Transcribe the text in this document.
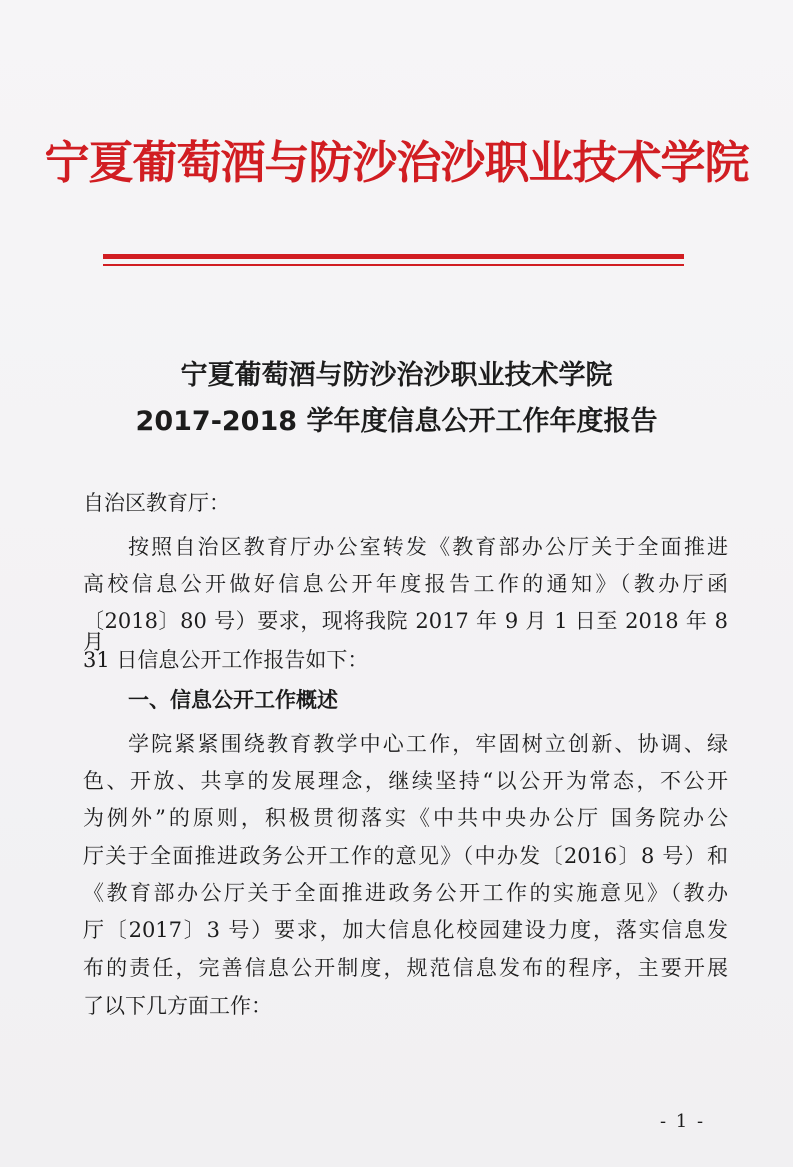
宁夏葡萄酒与防沙治沙职业技术学院
宁夏葡萄酒与防沙治沙职业技术学院
2017-2018 学年度信息公开工作年度报告
自治区教育厅：
按照自治区教育厅办公室转发《教育部办公厅关于全面推进
高校信息公开做好信息公开年度报告工作的通知》（教办厅函
〔2018〕80 号）要求，现将我院 2017 年 9 月 1 日至 2018 年 8 月
31 日信息公开工作报告如下：
一、信息公开工作概述
学院紧紧围绕教育教学中心工作，牢固树立创新、协调、绿
色、开放、共享的发展理念，继续坚持“以公开为常态，不公开
为例外”的原则，积极贯彻落实《中共中央办公厅 国务院办公
厅关于全面推进政务公开工作的意见》（中办发〔2016〕8 号）和
《教育部办公厅关于全面推进政务公开工作的实施意见》（教办
厅〔2017〕3 号）要求，加大信息化校园建设力度，落实信息发
布的责任，完善信息公开制度，规范信息发布的程序，主要开展
了以下几方面工作：
- 1 -
